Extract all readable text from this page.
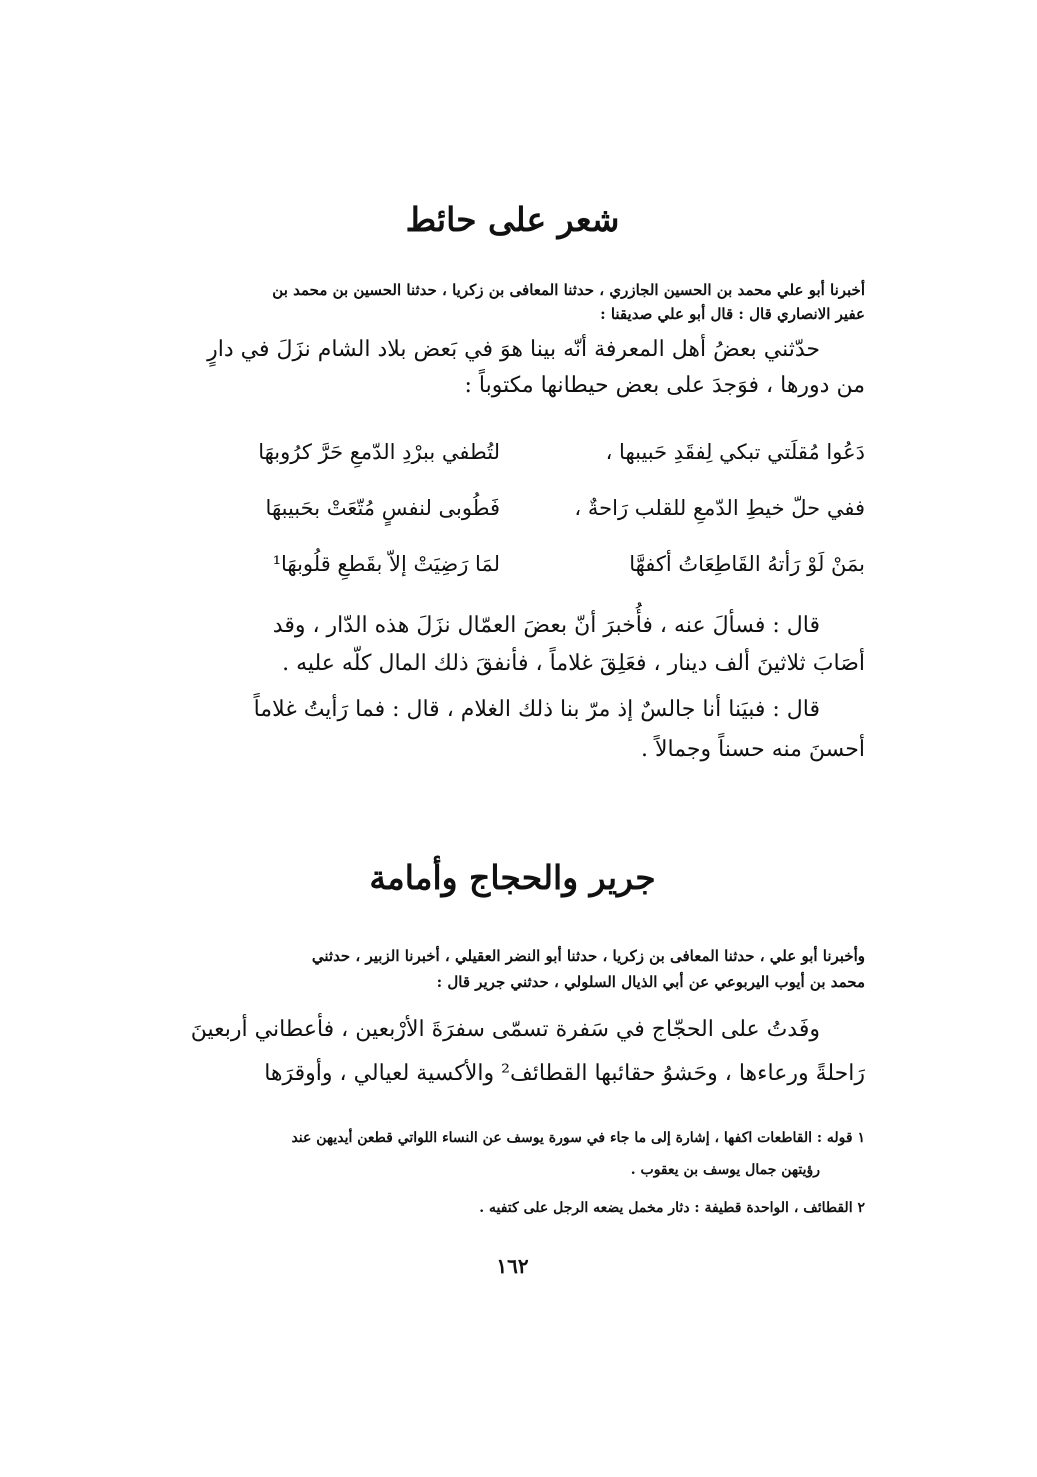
شعر على حائط
أخبرنا أبو علي محمد بن الحسين الجازري ، حدثنا المعافى بن زكريا ، حدثنا الحسين بن محمد بن
عفير الانصاري قال : قال أبو علي صديقنا :
حدّثني بعضُ أهل المعرفة أنّه بينا هوَ في بَعض بلاد الشام نزَلَ في دارٍ
من دورها ، فوَجدَ على بعض حيطانها مكتوباً :
دَعُوا مُقلَتي تبكي لِفقَدِ حَبيبها ،
لتُطفي ببرْدِ الدّمعِ حَرَّ كرُوبهَا
ففي حلّ خيطِ الدّمعِ للقلب رَاحةٌ ،
فَطُوبى لنفسٍ مُتّعَتْ بحَبيبهَا
بمَنْ لَوْ رَأتهُ القَاطِعَاتُ أكفهَّا
لمَا رَضِيَتْ إلاّ بقَطعِ قلُوبهَا¹
قال : فسألَ عنه ، فأُخبرَ أنّ بعضَ العمّال نزَلَ هذه الدّار ، وقد
أصَابَ ثلاثينَ ألف دينار ، فعَلِقَ غلاماً ، فأنفقَ ذلك المال كلّه عليه .
قال : فبيَنا أنا جالسٌ إذ مرّ بنا ذلك الغلام ، قال : فما رَأيتُ غلاماً
أحسنَ منه حسناً وجمالاً .
جرير والحجاج وأمامة
وأخبرنا أبو علي ، حدثنا المعافى بن زكريا ، حدثنا أبو النضر العقيلي ، أخبرنا الزبير ، حدثني
محمد بن أيوب اليربوعي عن أبي الذيال السلولي ، حدثني جرير قال :
وفَدتُ على الحجّاج في سَفرة تسمّى سفرَةَ الأرْبعين ، فأعطاني أربعينَ
رَاحلةً ورعاءها ، وحَشوُ حقائبها القطائف² والأكسية لعيالي ، وأوقرَها
١ قوله : القاطعات اكفها ، إشارة إلى ما جاء في سورة يوسف عن النساء اللواتي قطعن أيديهن عند
رؤيتهن جمال يوسف بن يعقوب .
٢ القطائف ، الواحدة قطيفة : دثار مخمل يضعه الرجل على كتفيه .
١٦٢
